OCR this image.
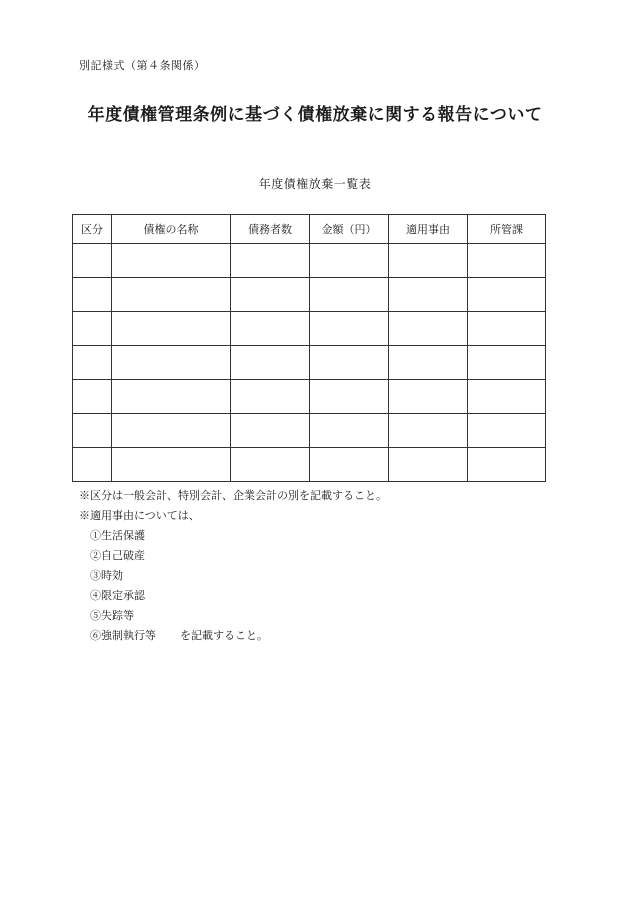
別記様式（第４条関係）
年度債権管理条例に基づく債権放棄に関する報告について
年度債権放棄一覧表
区分	債権の名称	債務者数	金額（円）	適用事由	所管課

※区分は一般会計、特別会計、企業会計の別を記載すること。
※適用事由については、
①生活保護
②自己破産
③時効
④限定承認
⑤失踪等
⑥強制執行等 を記載すること。
